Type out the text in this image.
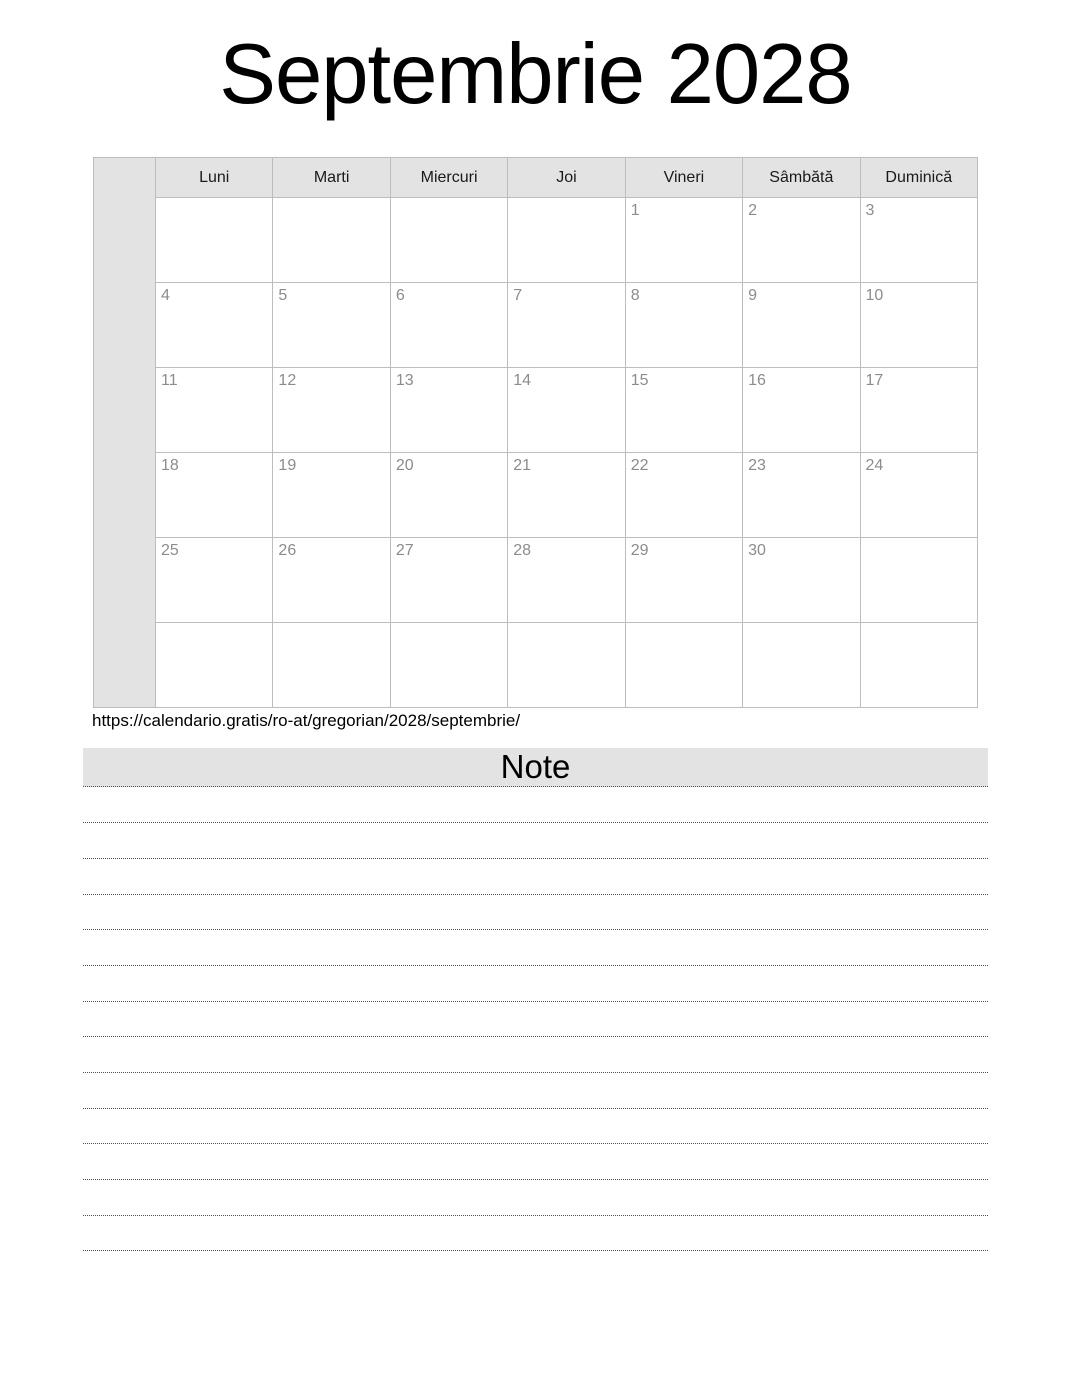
Septembrie 2028
	Luni	Marti	Miercuri	Joi	Vineri	Sâmbătă	Duminică
					1	2	3
	4	5	6	7	8	9	10
	11	12	13	14	15	16	17
	18	19	20	21	22	23	24
	25	26	27	28	29	30	

https://calendario.gratis/ro-at/gregorian/2028/septembrie/
Note
